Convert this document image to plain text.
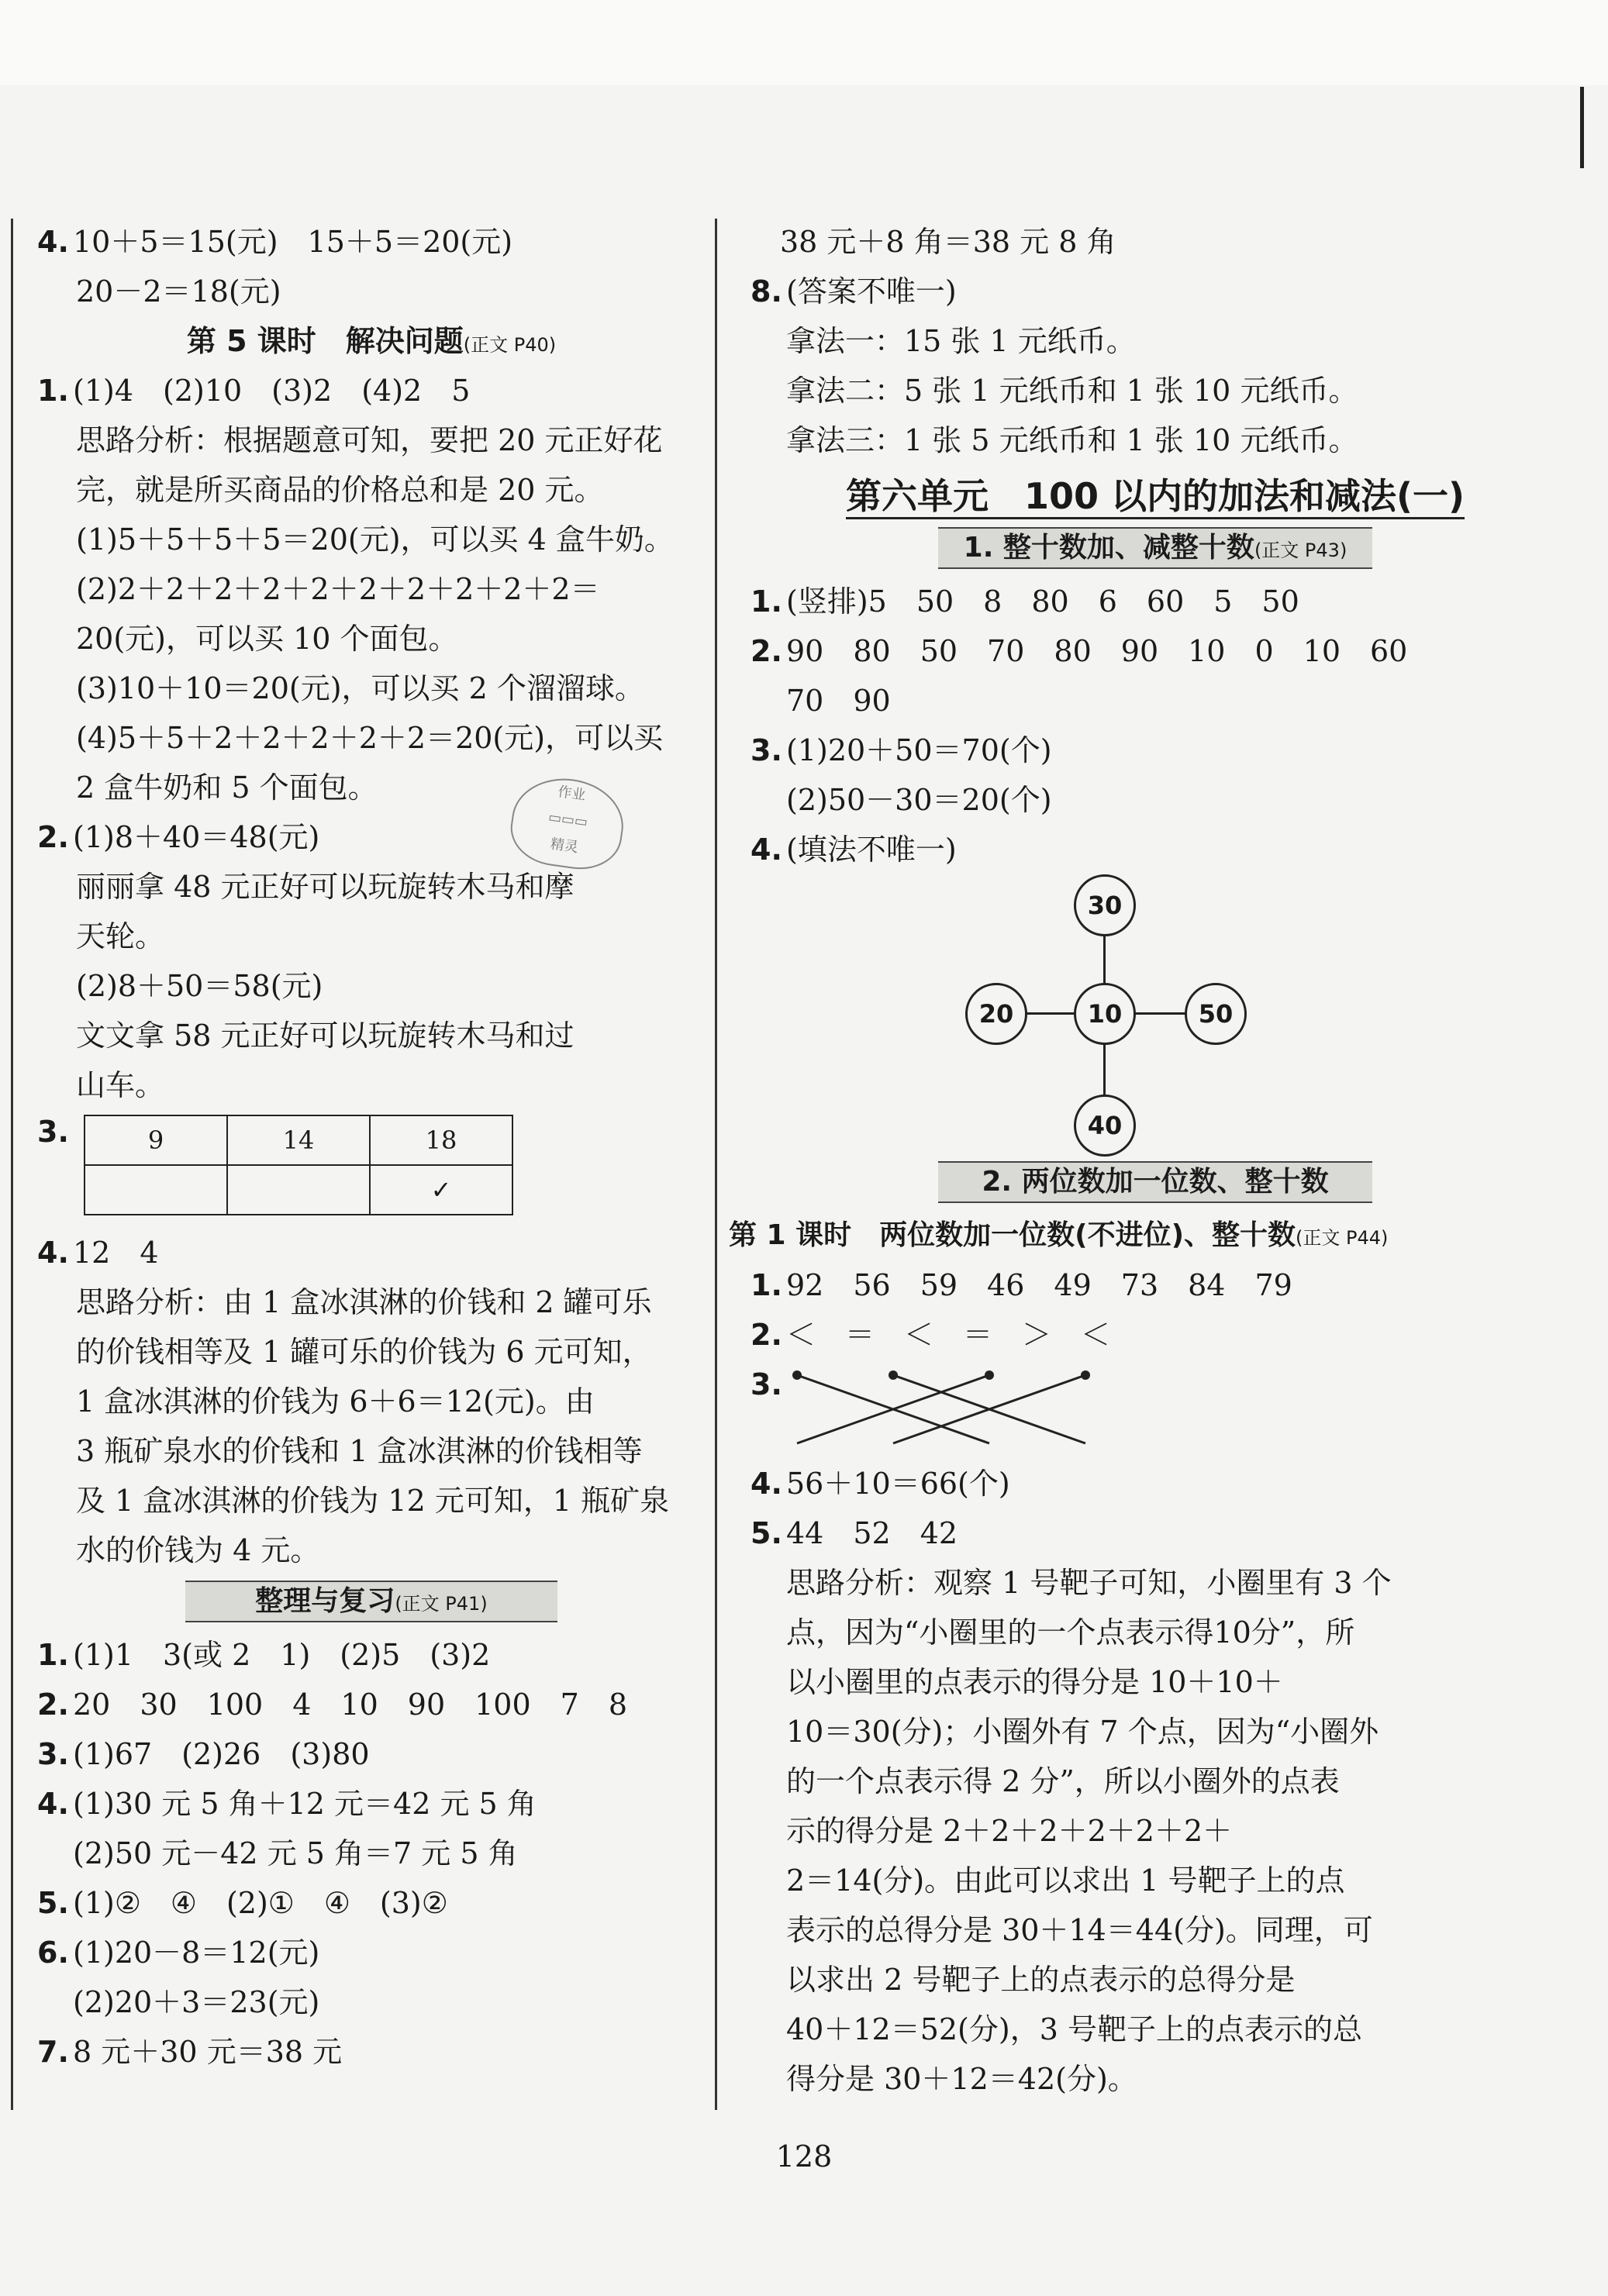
作业
▭▭▭
精灵
4. 10＋5＝15(元)　15＋5＝20(元)
20－2＝18(元)
第 5 课时　解决问题(正文 P40)
1. (1)4　(2)10　(3)2　(4)2　5
思路分析：根据题意可知，要把 20 元正好花
完，就是所买商品的价格总和是 20 元。
(1)5＋5＋5＋5＝20(元)，可以买 4 盒牛奶。
(2)2＋2＋2＋2＋2＋2＋2＋2＋2＋2＝
20(元)，可以买 10 个面包。
(3)10＋10＝20(元)，可以买 2 个溜溜球。
(4)5＋5＋2＋2＋2＋2＋2＝20(元)，可以买
2 盒牛奶和 5 个面包。
2. (1)8＋40＝48(元)
丽丽拿 48 元正好可以玩旋转木马和摩
天轮。
(2)8＋50＝58(元)
文文拿 58 元正好可以玩旋转木马和过
山车。
3.	9	14	18
		✓
4. 12　4
思路分析：由 1 盒冰淇淋的价钱和 2 罐可乐
的价钱相等及 1 罐可乐的价钱为 6 元可知，
1 盒冰淇淋的价钱为 6＋6＝12(元)。由
3 瓶矿泉水的价钱和 1 盒冰淇淋的价钱相等
及 1 盒冰淇淋的价钱为 12 元可知，1 瓶矿泉
水的价钱为 4 元。
整理与复习(正文 P41)
1. (1)1　3(或 2　1)　(2)5　(3)2
2. 20　30　100　4　10　90　100　7　8
3. (1)67　(2)26　(3)80
4. (1)30 元 5 角＋12 元＝42 元 5 角
(2)50 元－42 元 5 角＝7 元 5 角
5. (1)②　④　(2)①　④　(3)②
6. (1)20－8＝12(元)
(2)20＋3＝23(元)
7. 8 元＋30 元＝38 元
38 元＋8 角＝38 元 8 角
8. (答案不唯一)
拿法一：15 张 1 元纸币。
拿法二：5 张 1 元纸币和 1 张 10 元纸币。
拿法三：1 张 5 元纸币和 1 张 10 元纸币。
第六单元　100 以内的加法和减法(一)
1. 整十数加、减整十数(正文 P43)
1. (竖排)5　50　8　80　6　60　5　50
2. 90　80　50　70　80　90　10　0　10　60
70　90
3. (1)20＋50＝70(个)
(2)50－30＝20(个)
4. (填法不唯一)
30
20	10	50
40
2. 两位数加一位数、整十数
第 1 课时　两位数加一位数(不进位)、整十数(正文 P44)
1. 92　56　59　46　49　73　84　79
2. ＜　＝　＜　＝　＞　＜
3.
4. 56＋10＝66(个)
5. 44　52　42
思路分析：观察 1 号靶子可知，小圈里有 3 个
点，因为“小圈里的一个点表示得10分”，所
以小圈里的点表示的得分是 10＋10＋
10＝30(分)；小圈外有 7 个点，因为“小圈外
的一个点表示得 2 分”，所以小圈外的点表
示的得分是 2＋2＋2＋2＋2＋2＋
2＝14(分)。由此可以求出 1 号靶子上的点
表示的总得分是 30＋14＝44(分)。同理，可
以求出 2 号靶子上的点表示的总得分是
40＋12＝52(分)，3 号靶子上的点表示的总
得分是 30＋12＝42(分)。
128
